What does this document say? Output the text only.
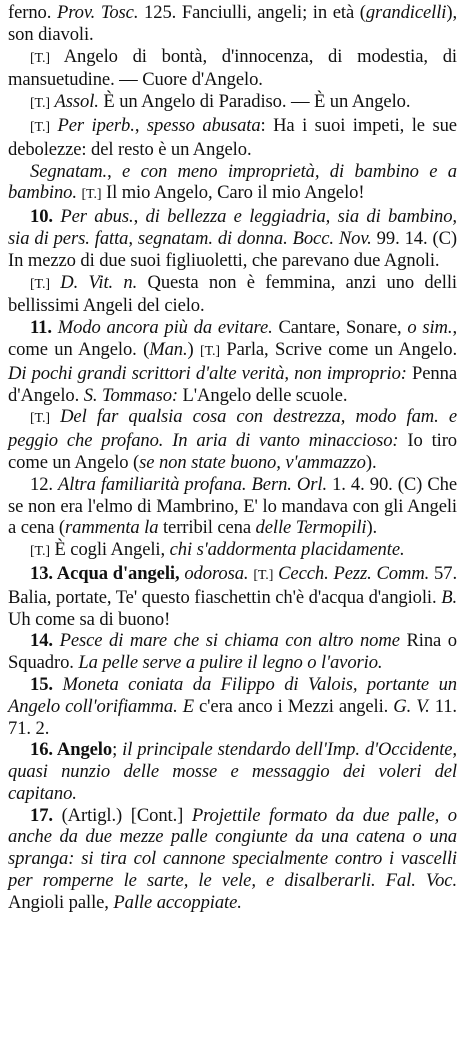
ferno. Prov. Tosc. 125. Fanciulli, angeli; in età (grandicelli), son diavoli.

[T.] Angelo di bontà, d'innocenza, di modestia, di mansuetudine. — Cuore d'Angelo.

[T.] Assol. È un Angelo di Paradiso. — È un Angelo.

[T.] Per iperb., spesso abusata: Ha i suoi impeti, le sue debolezze: del resto è un Angelo.

Segnatam., e con meno improprietà, di bambino e a bambino. [T.] Il mio Angelo, Caro il mio Angelo!

10. Per abus., di bellezza e leggiadria, sia di bambino, sia di pers. fatta, segnatam. di donna. Bocc. Nov. 99. 14. (C) In mezzo di due suoi figliuoletti, che parevano due Agnoli.

[T.] D. Vit. n. Questa non è femmina, anzi uno delli bellissimi Angeli del cielo.

11. Modo ancora più da evitare. Cantare, Sonare, o sim., come un Angelo. (Man.) [T.] Parla, Scrive come un Angelo. Di pochi grandi scrittori d'alte verità, non improprio: Penna d'Angelo. S. Tommaso: L'Angelo delle scuole.

[T.] Del far qualsia cosa con destrezza, modo fam. e peggio che profano. In aria di vanto minaccioso: Io tiro come un Angelo (se non state buono, v'ammazzo).

12. Altra familiarità profana. Bern. Orl. 1. 4. 90. (C) Che se non era l'elmo di Mambrino, E' lo mandava con gli Angeli a cena (rammenta la terribil cena delle Termopili).

[T.] È cogli Angeli, chi s'addormenta placidamente.

13. Acqua d'angeli, odorosa. [T.] Cecch. Pezz. Comm. 57. Balia, portate, Te' questo fiaschettin ch'è d'acqua d'angioli. B. Uh come sa di buono!

14. Pesce di mare che si chiama con altro nome Rina o Squadro. La pelle serve a pulire il legno o l'avorio.

15. Moneta coniata da Filippo di Valois, portante un Angelo coll'orifiamma. E c'era anco i Mezzi angeli. G. V. 11. 71. 2.

16. Angelo; il principale stendardo dell'Imp. d'Occidente, quasi nunzio delle mosse e messaggio dei voleri del capitano.

17. (Artigl.) [Cont.] Projettile formato da due palle, o anche da due mezze palle congiunte da una catena o una spranga: si tira col cannone specialmente contro i vascelli per romperne le sarte, le vele, e disalberarli. Fal. Voc. Angioli palle, Palle accoppiate.
